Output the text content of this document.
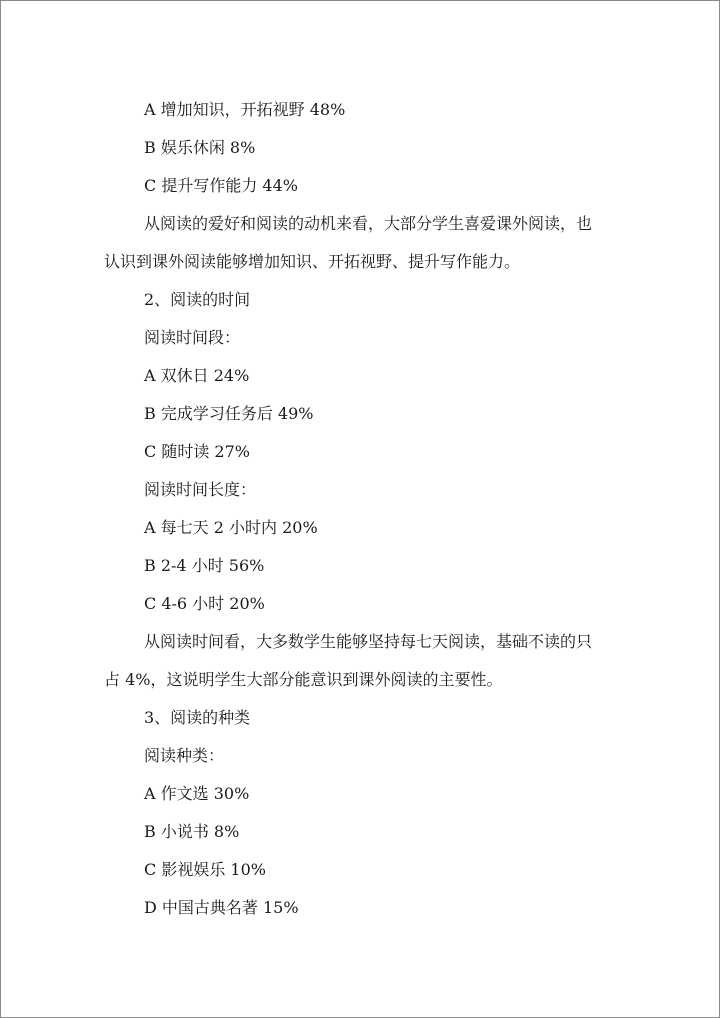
A 增加知识，开拓视野 48%
B 娱乐休闲 8%
C 提升写作能力 44%
从阅读的爱好和阅读的动机来看，大部分学生喜爱课外阅读，也
认识到课外阅读能够增加知识、开拓视野、提升写作能力。
2、阅读的时间
阅读时间段：
A 双休日 24%
B 完成学习任务后 49%
C 随时读 27%
阅读时间长度：
A 每七天 2 小时内 20%
B 2-4 小时 56%
C 4-6 小时 20%
从阅读时间看，大多数学生能够坚持每七天阅读，基础不读的只
占 4%，这说明学生大部分能意识到课外阅读的主要性。
3、阅读的种类
阅读种类：
A 作文选 30%
B 小说书 8%
C 影视娱乐 10%
D 中国古典名著 15%
